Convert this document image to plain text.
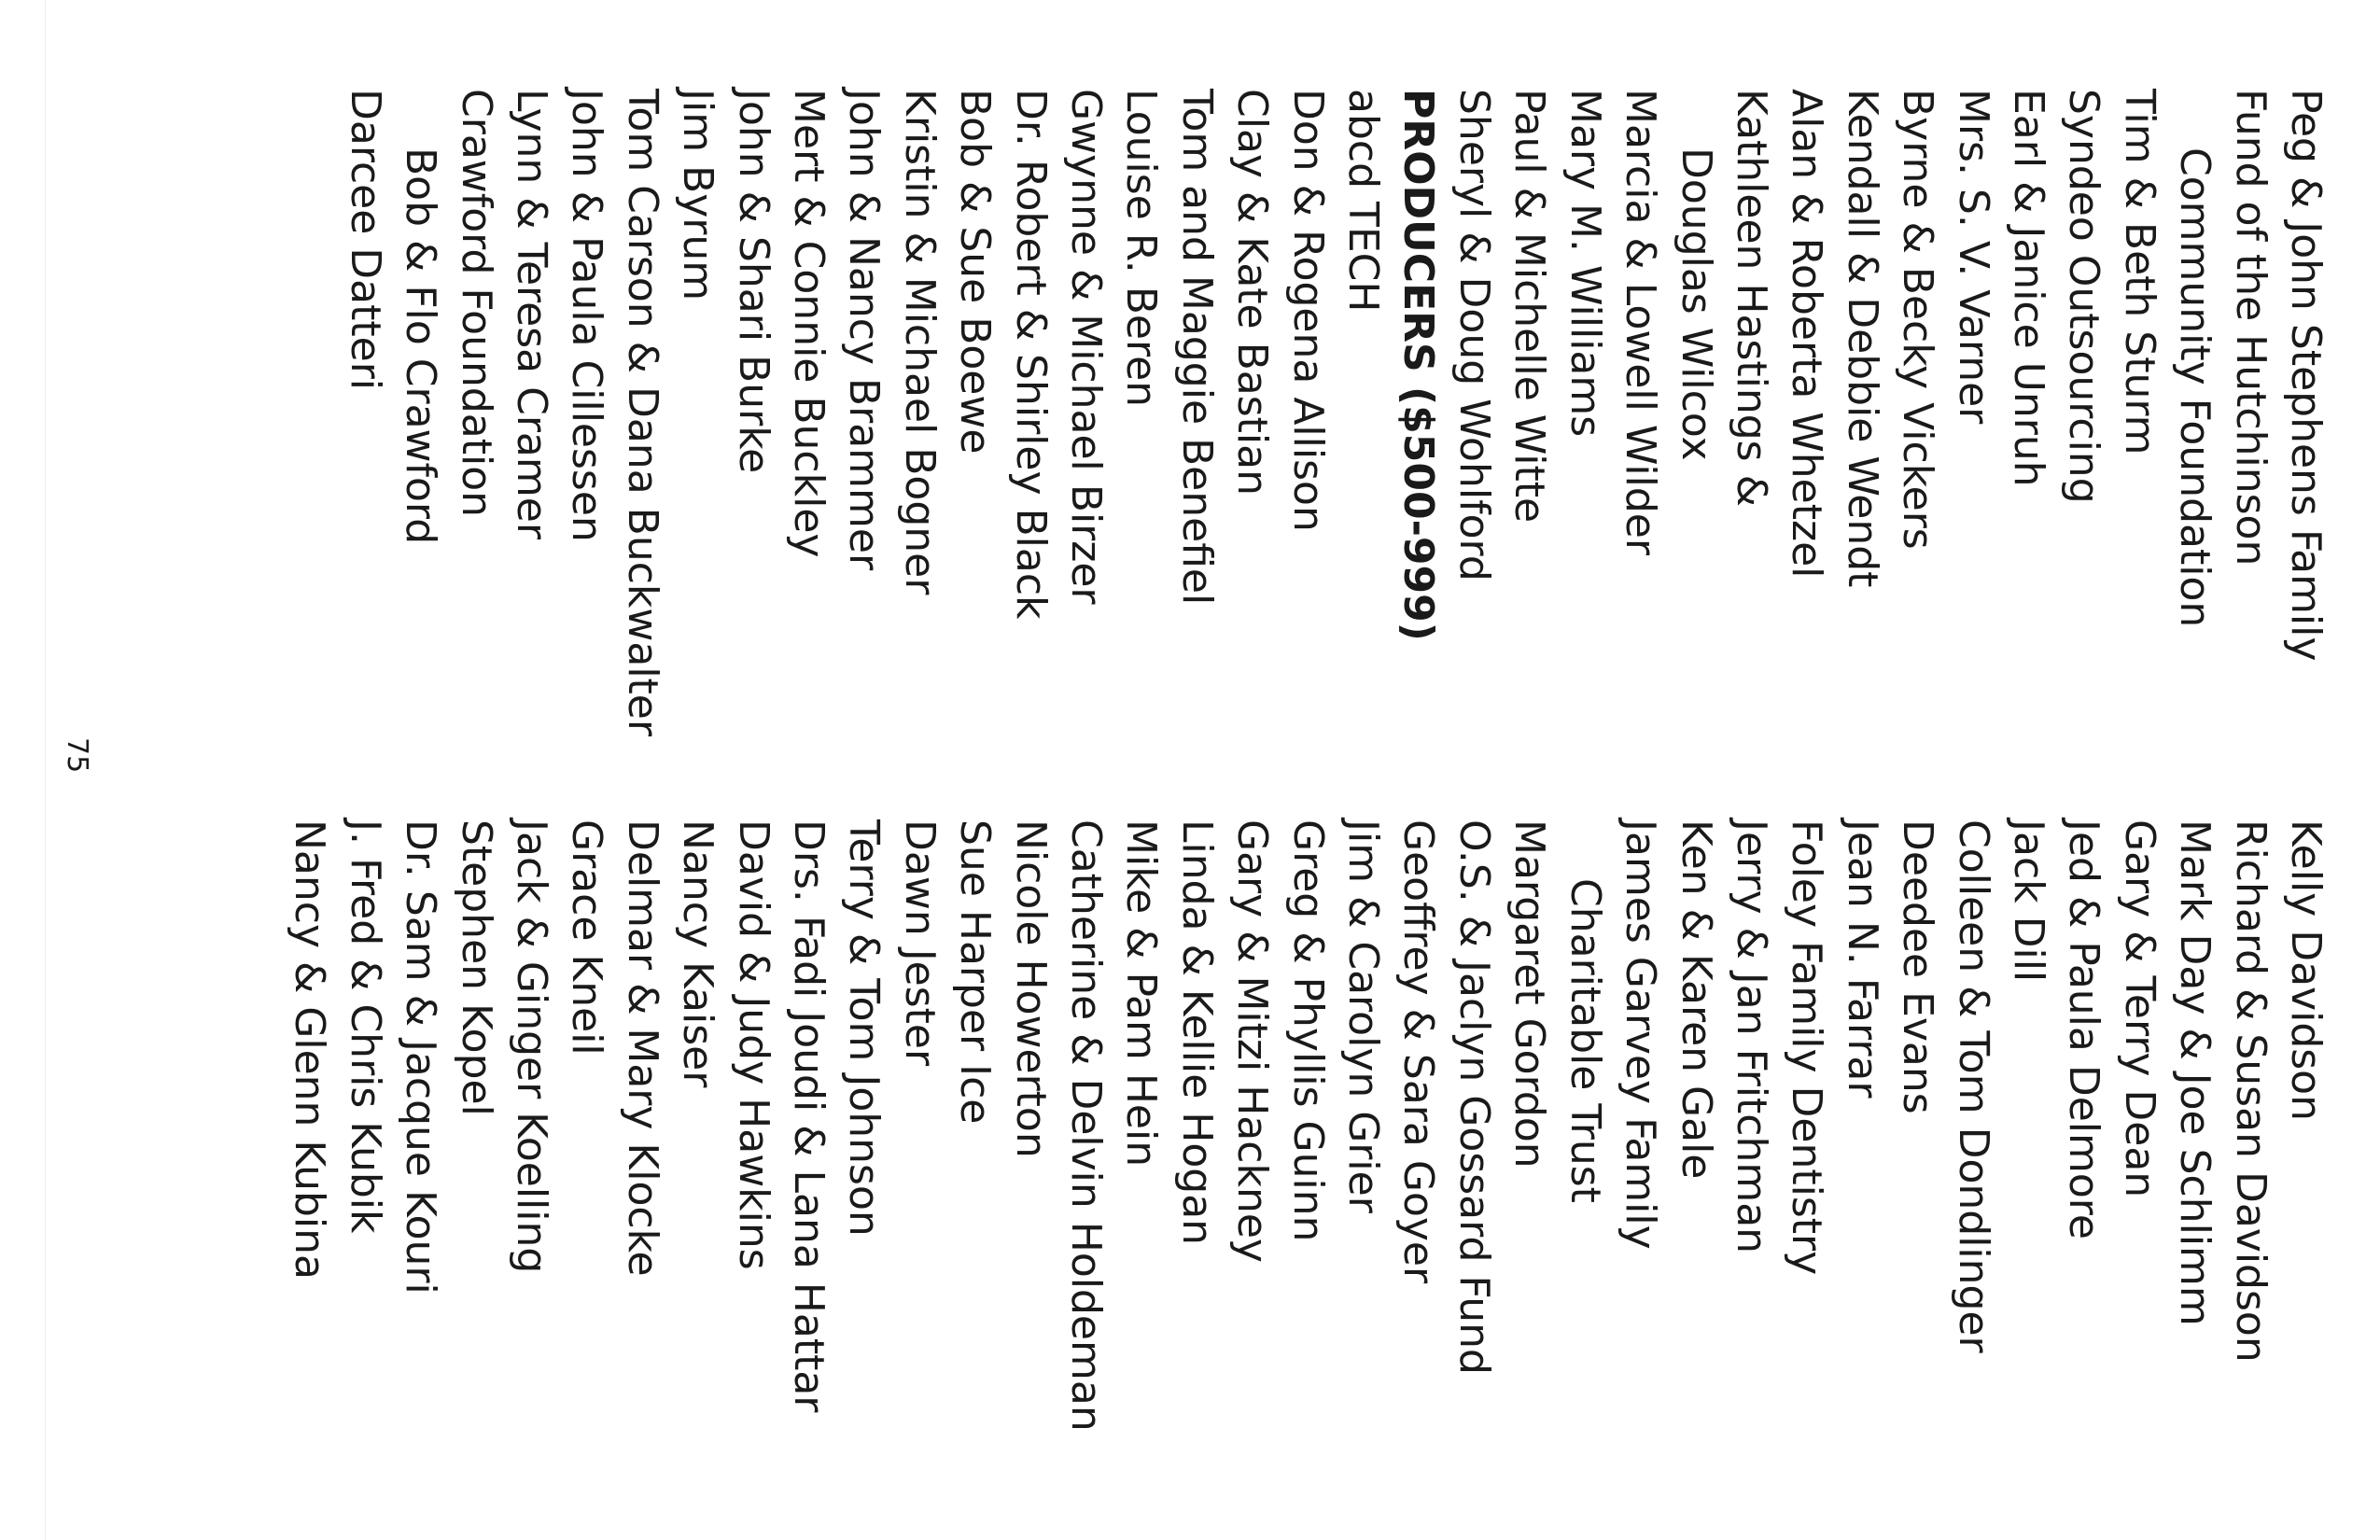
Peg & John Stephens Family
Fund of the Hutchinson
Community Foundation
Tim & Beth Sturm
Syndeo Outsourcing
Earl & Janice Unruh
Mrs. S. V. Varner
Byrne & Becky Vickers
Kendall & Debbie Wendt
Alan & Roberta Whetzel
Kathleen Hastings &
Douglas Wilcox
Marcia & Lowell Wilder
Mary M. Williams
Paul & Michelle Witte
Sheryl & Doug Wohlford
PRODUCERS ($500-999)
abcd TECH
Don & Rogena Allison
Clay & Kate Bastian
Tom and Maggie Benefiel
Louise R. Beren
Gwynne & Michael Birzer
Dr. Robert & Shirley Black
Bob & Sue Boewe
Kristin & Michael Bogner
John & Nancy Brammer
Mert & Connie Buckley
John & Shari Burke
Jim Byrum
Tom Carson & Dana Buckwalter
John & Paula Cillessen
Lynn & Teresa Cramer
Crawford Foundation
Bob & Flo Crawford
Darcee Datteri
Kelly Davidson
Richard & Susan Davidson
Mark Day & Joe Schlimm
Gary & Terry Dean
Jed & Paula Delmore
Jack Dill
Colleen & Tom Dondlinger
Deedee Evans
Jean N. Farrar
Foley Family Dentistry
Jerry & Jan Fritchman
Ken & Karen Gale
James Garvey Family
Charitable Trust
Margaret Gordon
O.S. & Jaclyn Gossard Fund
Geoffrey & Sara Goyer
Jim & Carolyn Grier
Greg & Phyllis Guinn
Gary & Mitzi Hackney
Linda & Kellie Hogan
Mike & Pam Hein
Catherine & Delvin Holdeman
Nicole Howerton
Sue Harper Ice
Dawn Jester
Terry & Tom Johnson
Drs. Fadi Joudi & Lana Hattar
David & Judy Hawkins
Nancy Kaiser
Delmar & Mary Klocke
Grace Kneil
Jack & Ginger Koelling
Stephen Kopel
Dr. Sam & Jacque Kouri
J. Fred & Chris Kubik
Nancy & Glenn Kubina
75
